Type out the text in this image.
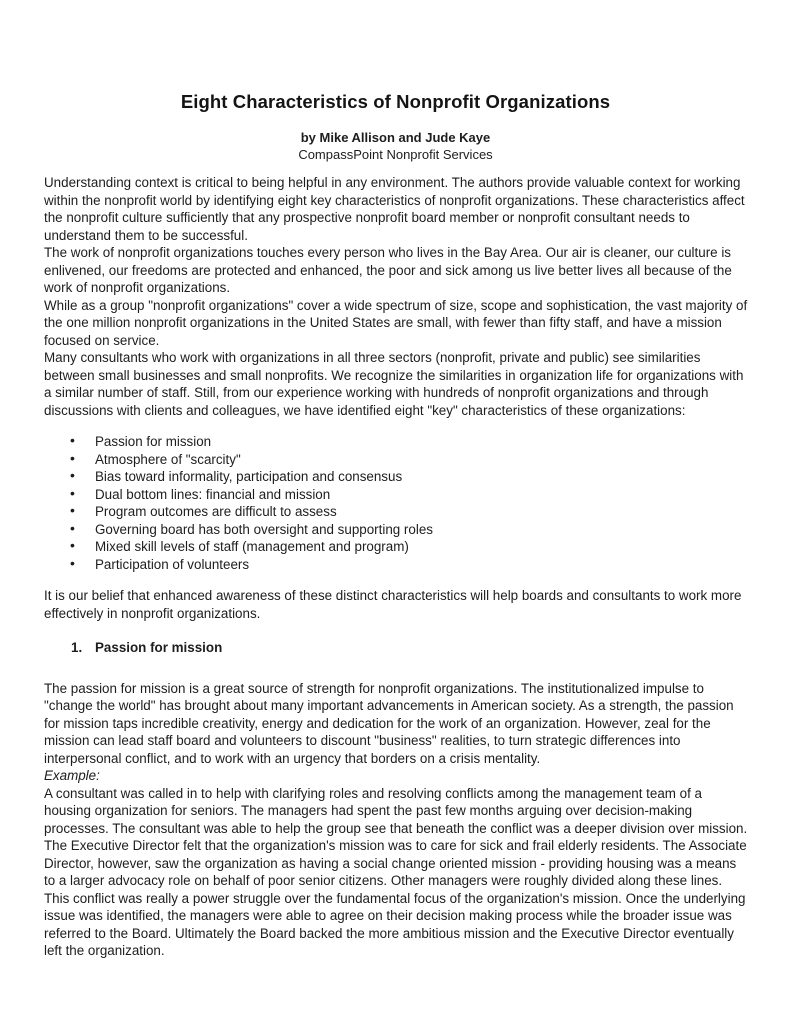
Eight Characteristics of Nonprofit Organizations
by Mike Allison and Jude Kaye
CompassPoint Nonprofit Services

Understanding context is critical to being helpful in any environment. The authors provide valuable context for working within the nonprofit world by identifying eight key characteristics of nonprofit organizations. These characteristics affect the nonprofit culture sufficiently that any prospective nonprofit board member or nonprofit consultant needs to understand them to be successful.

The work of nonprofit organizations touches every person who lives in the Bay Area. Our air is cleaner, our culture is enlivened, our freedoms are protected and enhanced, the poor and sick among us live better lives all because of the work of nonprofit organizations.

While as a group "nonprofit organizations" cover a wide spectrum of size, scope and sophistication, the vast majority of the one million nonprofit organizations in the United States are small, with fewer than fifty staff, and have a mission focused on service.

Many consultants who work with organizations in all three sectors (nonprofit, private and public) see similarities between small businesses and small nonprofits. We recognize the similarities in organization life for organizations with a similar number of staff. Still, from our experience working with hundreds of nonprofit organizations and through discussions with clients and colleagues, we have identified eight "key" characteristics of these organizations:

• Passion for mission
• Atmosphere of "scarcity"
• Bias toward informality, participation and consensus
• Dual bottom lines: financial and mission
• Program outcomes are difficult to assess
• Governing board has both oversight and supporting roles
• Mixed skill levels of staff (management and program)
• Participation of volunteers

It is our belief that enhanced awareness of these distinct characteristics will help boards and consultants to work more effectively in nonprofit organizations.

1. Passion for mission

The passion for mission is a great source of strength for nonprofit organizations. The institutionalized impulse to "change the world" has brought about many important advancements in American society. As a strength, the passion for mission taps incredible creativity, energy and dedication for the work of an organization. However, zeal for the mission can lead staff board and volunteers to discount "business" realities, to turn strategic differences into interpersonal conflict, and to work with an urgency that borders on a crisis mentality.

Example:

A consultant was called in to help with clarifying roles and resolving conflicts among the management team of a housing organization for seniors. The managers had spent the past few months arguing over decision-making processes. The consultant was able to help the group see that beneath the conflict was a deeper division over mission. The Executive Director felt that the organization's mission was to care for sick and frail elderly residents. The Associate Director, however, saw the organization as having a social change oriented mission - providing housing was a means to a larger advocacy role on behalf of poor senior citizens. Other managers were roughly divided along these lines. This conflict was really a power struggle over the fundamental focus of the organization's mission. Once the underlying issue was identified, the managers were able to agree on their decision making process while the broader issue was referred to the Board. Ultimately the Board backed the more ambitious mission and the Executive Director eventually left the organization.
